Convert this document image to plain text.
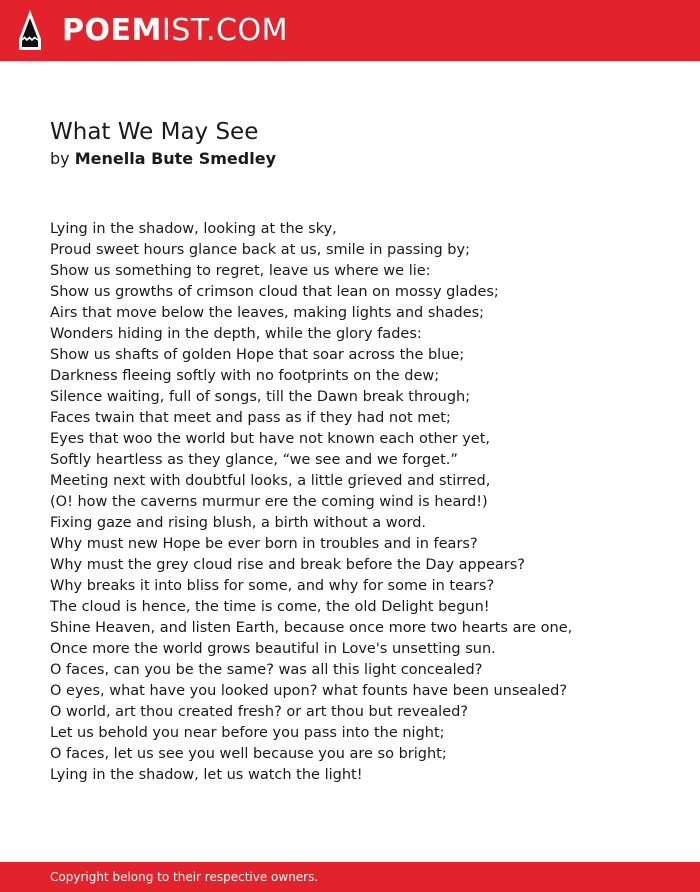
POEMIST.COM
What We May See
by Menella Bute Smedley
Lying in the shadow, looking at the sky,
Proud sweet hours glance back at us, smile in passing by;
Show us something to regret, leave us where we lie:
Show us growths of crimson cloud that lean on mossy glades;
Airs that move below the leaves, making lights and shades;
Wonders hiding in the depth, while the glory fades:
Show us shafts of golden Hope that soar across the blue;
Darkness fleeing softly with no footprints on the dew;
Silence waiting, full of songs, till the Dawn break through;
Faces twain that meet and pass as if they had not met;
Eyes that woo the world but have not known each other yet,
Softly heartless as they glance, “we see and we forget.”
Meeting next with doubtful looks, a little grieved and stirred,
(O! how the caverns murmur ere the coming wind is heard!)
Fixing gaze and rising blush, a birth without a word.
Why must new Hope be ever born in troubles and in fears?
Why must the grey cloud rise and break before the Day appears?
Why breaks it into bliss for some, and why for some in tears?
The cloud is hence, the time is come, the old Delight begun!
Shine Heaven, and listen Earth, because once more two hearts are one,
Once more the world grows beautiful in Love's unsetting sun.
O faces, can you be the same? was all this light concealed?
O eyes, what have you looked upon? what founts have been unsealed?
O world, art thou created fresh? or art thou but revealed?
Let us behold you near before you pass into the night;
O faces, let us see you well because you are so bright;
Lying in the shadow, let us watch the light!
Copyright belong to their respective owners.
